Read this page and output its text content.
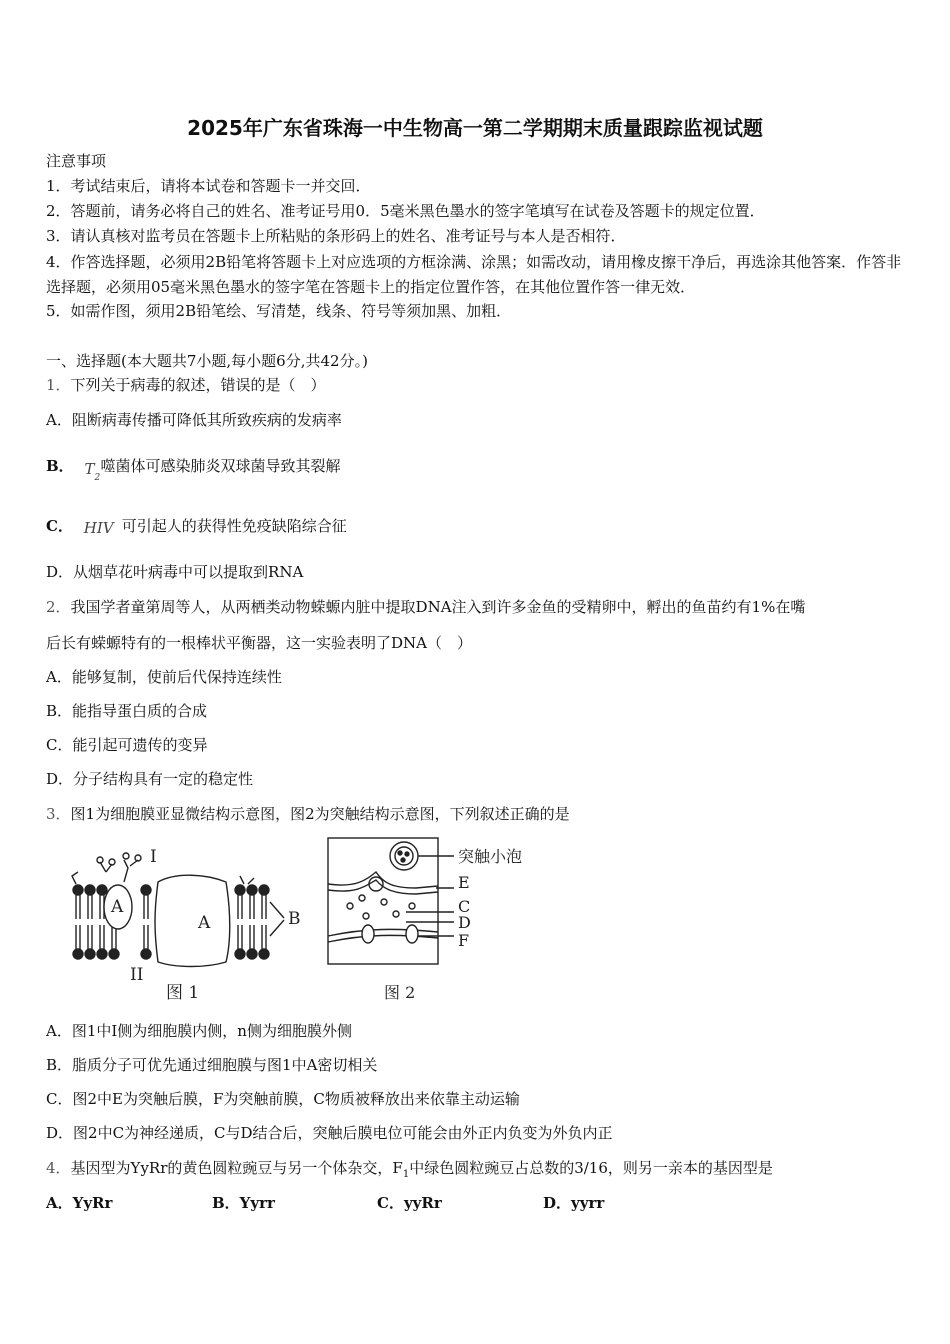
2025年广东省珠海一中生物高一第二学期期末质量跟踪监视试题
注意事项
1．考试结束后，请将本试卷和答题卡一并交回．
2．答题前，请务必将自己的姓名、准考证号用0．5毫米黑色墨水的签字笔填写在试卷及答题卡的规定位置．
3．请认真核对监考员在答题卡上所粘贴的条形码上的姓名、准考证号与本人是否相符．
4．作答选择题，必须用2B铅笔将答题卡上对应选项的方框涂满、涂黑；如需改动，请用橡皮擦干净后，再选涂其他答案．作答非选择题，必须用05毫米黑色墨水的签字笔在答题卡上的指定位置作答，在其他位置作答一律无效．
5．如需作图，须用2B铅笔绘、写清楚，线条、符号等须加黑、加粗．
一、选择题(本大题共7小题,每小题6分,共42分。)
1．下列关于病毒的叙述，错误的是（　）
A．阻断病毒传播可降低其所致疾病的发病率
B． T 2
噬菌体可感染肺炎双球菌导致其裂解
C． HIV 可引起人的获得性免疫缺陷综合征
D．从烟草花叶病毒中可以提取到RNA
2．我国学者童第周等人，从两栖类动物蝾螈内脏中提取DNA注入到许多金鱼的受精卵中，孵出的鱼苗约有1%在嘴
后长有蝾螈特有的一根棒状平衡器，这一实验表明了DNA（　）
A．能够复制，使前后代保持连续性
B．能指导蛋白质的合成
C．能引起可遗传的变异
D．分子结构具有一定的稳定性
3．图1为细胞膜亚显微结构示意图，图2为突触结构示意图，下列叙述正确的是
I
II
A
A	B
图 1
突触小泡
E
C
D
F
图 2
A．图1中I侧为细胞膜内侧，n侧为细胞膜外侧
B．脂质分子可优先通过细胞膜与图1中A密切相关
C．图2中E为突触后膜，F为突触前膜，C物质被释放出来依靠主动运输
D．图2中C为神经递质，C与D结合后，突触后膜电位可能会由外正内负变为外负内正
4．基因型为YyRr的黄色圆粒豌豆与另一个体杂交，$F_1$中绿色圆粒豌豆占总数的3/16，则另一亲本的基因型是
A．YyRr	B．Yyrr	C．yyRr	D．yyrr
